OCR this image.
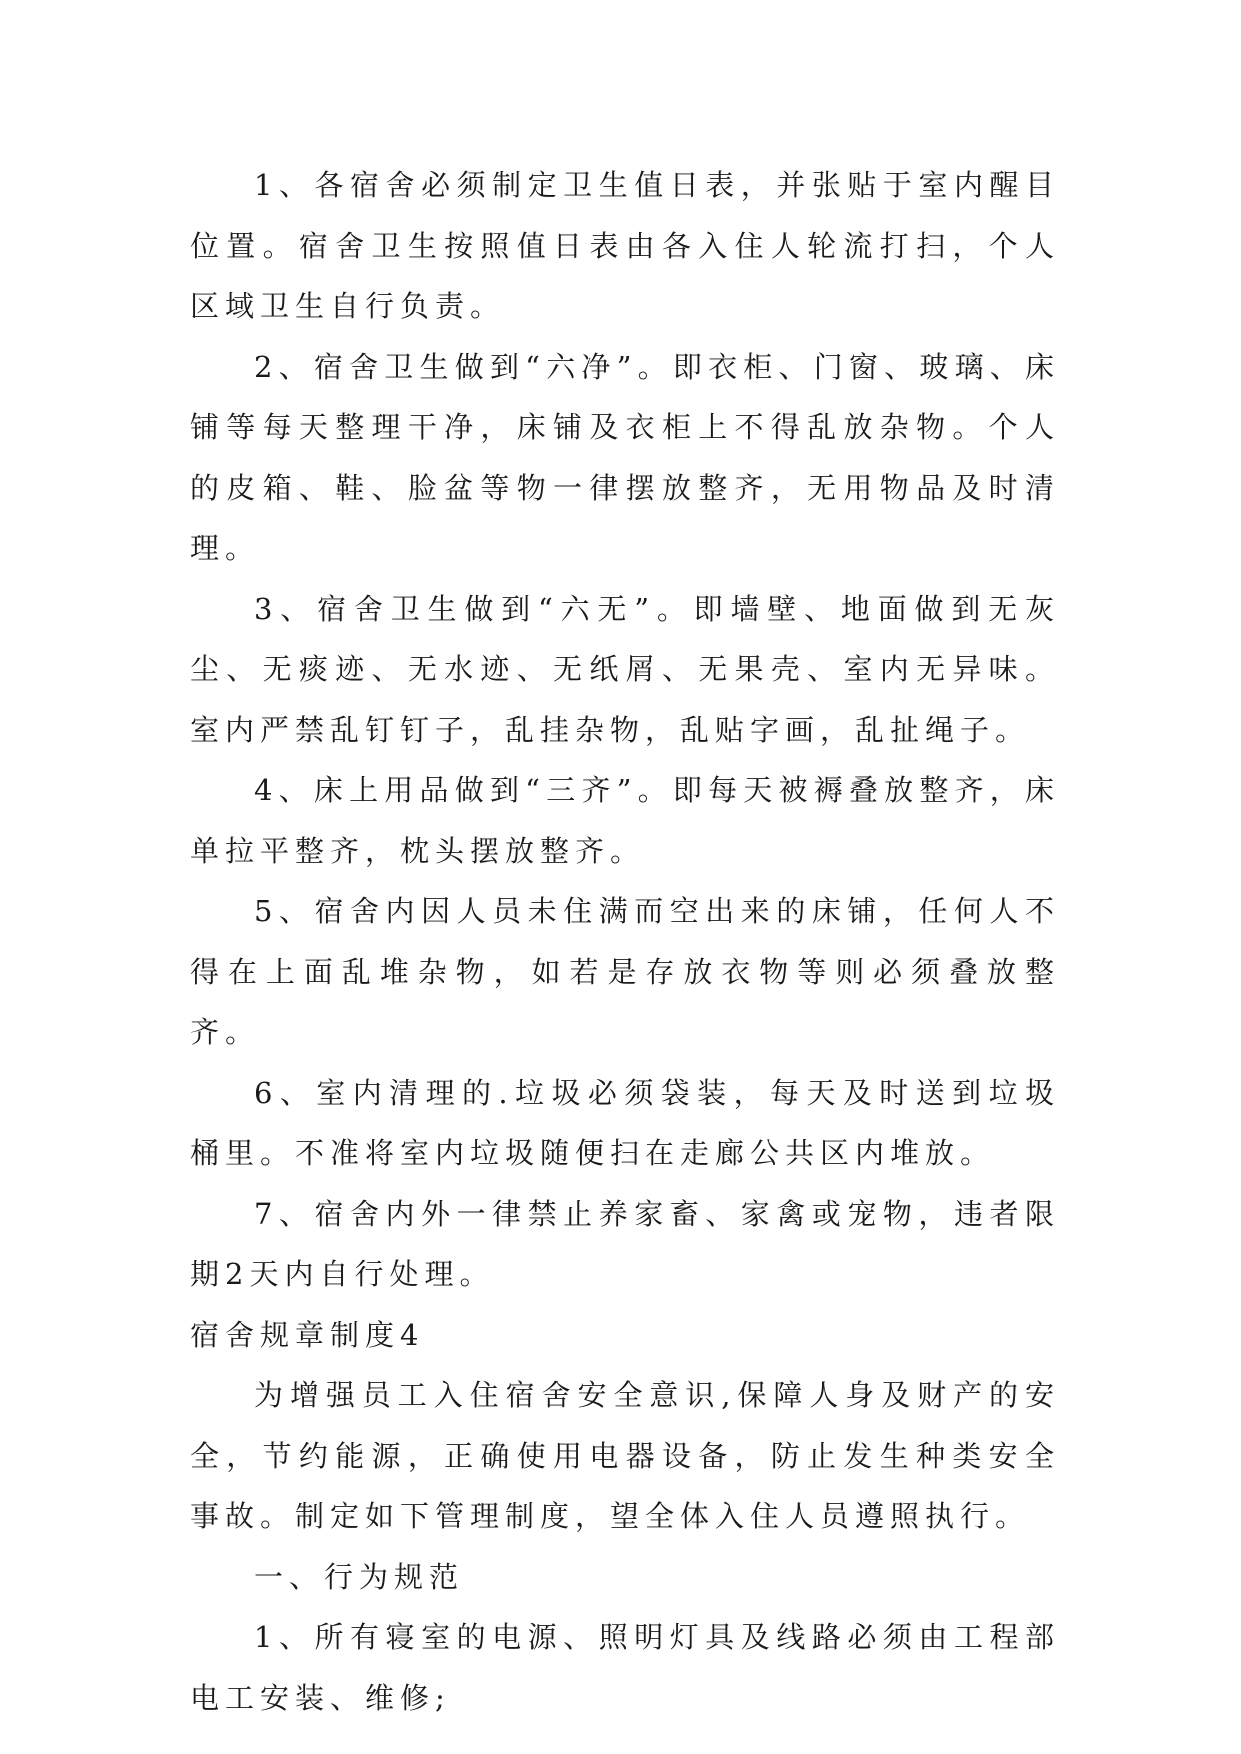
1、各宿舍必须制定卫生值日表，并张贴于室内醒目位置。宿舍卫生按照值日表由各入住人轮流打扫，个人区域卫生自行负责。

2、宿舍卫生做到“六净”。即衣柜、门窗、玻璃、床铺等每天整理干净，床铺及衣柜上不得乱放杂物。个人的皮箱、鞋、脸盆等物一律摆放整齐，无用物品及时清理。

3、宿舍卫生做到“六无”。即墙壁、地面做到无灰尘、无痰迹、无水迹、无纸屑、无果壳、室内无异味。室内严禁乱钉钉子，乱挂杂物，乱贴字画，乱扯绳子。

4、床上用品做到“三齐”。即每天被褥叠放整齐，床单拉平整齐，枕头摆放整齐。

5、宿舍内因人员未住满而空出来的床铺，任何人不得在上面乱堆杂物，如若是存放衣物等则必须叠放整齐。

6、室内清理的.垃圾必须袋装，每天及时送到垃圾桶里。不准将室内垃圾随便扫在走廊公共区内堆放。

7、宿舍内外一律禁止养家畜、家禽或宠物，违者限期2天内自行处理。

宿舍规章制度4

为增强员工入住宿舍安全意识,保障人身及财产的安全，节约能源，正确使用电器设备，防止发生种类安全事故。制定如下管理制度，望全体入住人员遵照执行。

一、行为规范

1、所有寝室的电源、照明灯具及线路必须由工程部电工安装、维修;
